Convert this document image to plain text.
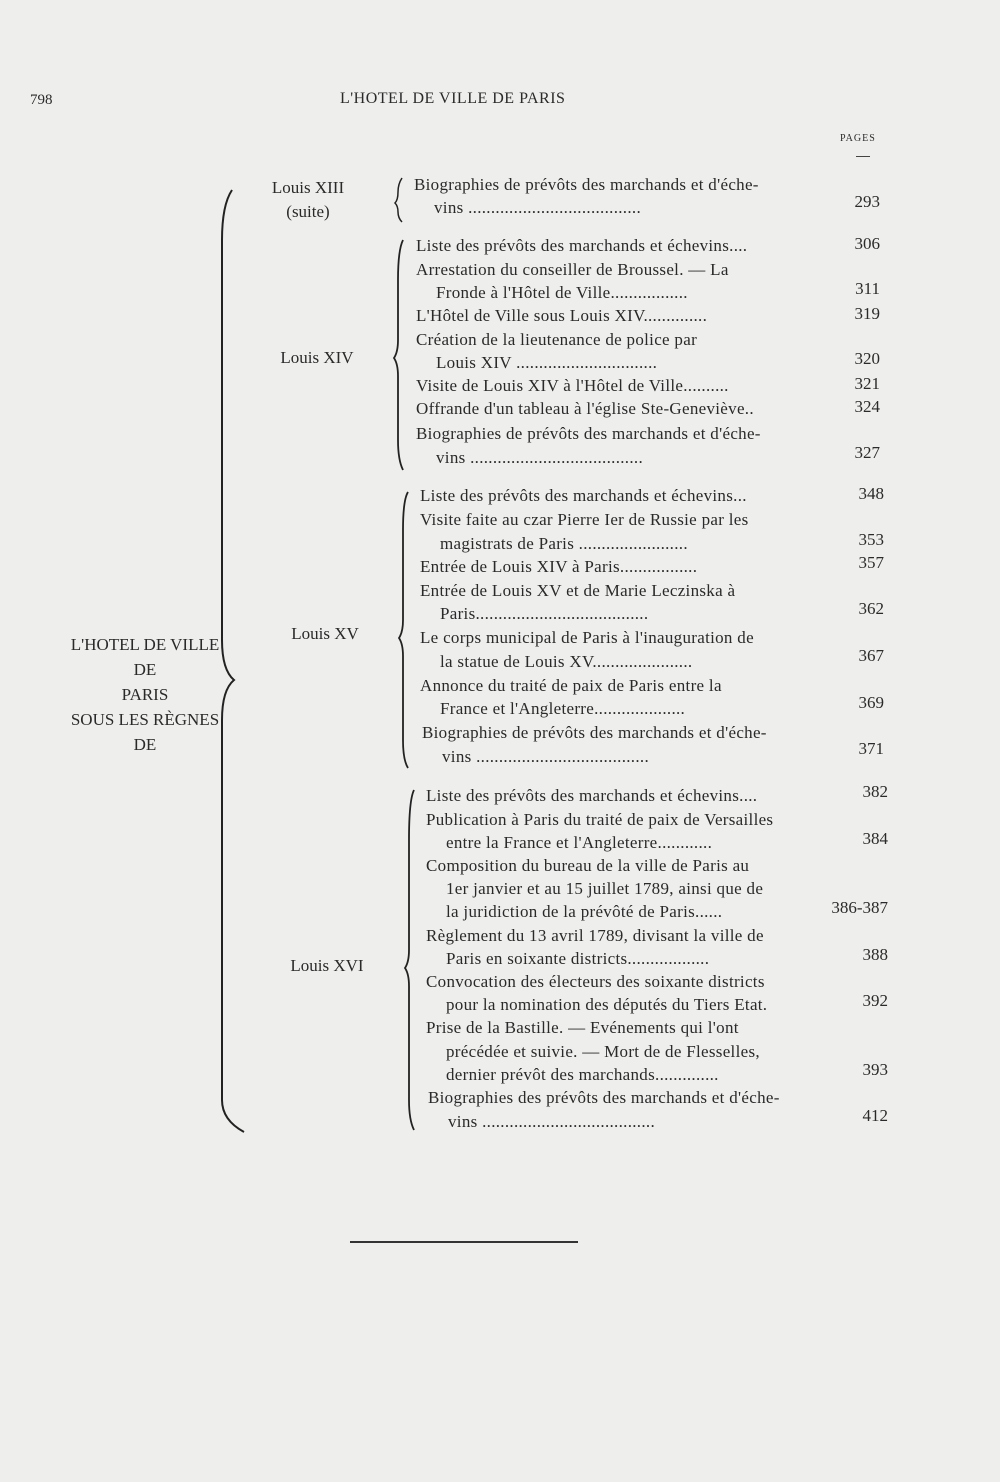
798	L'HOTEL DE VILLE DE PARIS
PAGES
L'HOTEL DE VILLE
DE
PARIS
SOUS LES RÈGNES
DE
Louis XIII
(suite)
Louis XIV
Louis XV
Louis XVI
Biographies de prévôts des marchands et d'éche-
vins ......................................	293
Liste des prévôts des marchands et échevins....	306
Arrestation du conseiller de Broussel. — La
Fronde à l'Hôtel de Ville.................	311
L'Hôtel de Ville sous Louis XIV..............	319
Création de la lieutenance de police par
Louis XIV ...............................	320
Visite de Louis XIV à l'Hôtel de Ville..........	321
Offrande d'un tableau à l'église Ste-Geneviève..	324
Biographies de prévôts des marchands et d'éche-
vins ......................................	327
Liste des prévôts des marchands et échevins...	348
Visite faite au czar Pierre Ier de Russie par les
magistrats de Paris ........................	353
Entrée de Louis XIV à Paris.................	357
Entrée de Louis XV et de Marie Leczinska à
Paris......................................	362
Le corps municipal de Paris à l'inauguration de
la statue de Louis XV......................	367
Annonce du traité de paix de Paris entre la
France et l'Angleterre....................	369
Biographies de prévôts des marchands et d'éche-
vins ......................................	371
Liste des prévôts des marchands et échevins....	382
Publication à Paris du traité de paix de Versailles
entre la France et l'Angleterre............	384
Composition du bureau de la ville de Paris au
1er janvier et au 15 juillet 1789, ainsi que de
la juridiction de la prévôté de Paris......	386-387
Règlement du 13 avril 1789, divisant la ville de
Paris en soixante districts..................	388
Convocation des électeurs des soixante districts
pour la nomination des députés du Tiers Etat.	392
Prise de la Bastille. — Evénements qui l'ont
précédée et suivie. — Mort de de Flesselles,
dernier prévôt des marchands..............	393
Biographies des prévôts des marchands et d'éche-
vins ......................................	412
